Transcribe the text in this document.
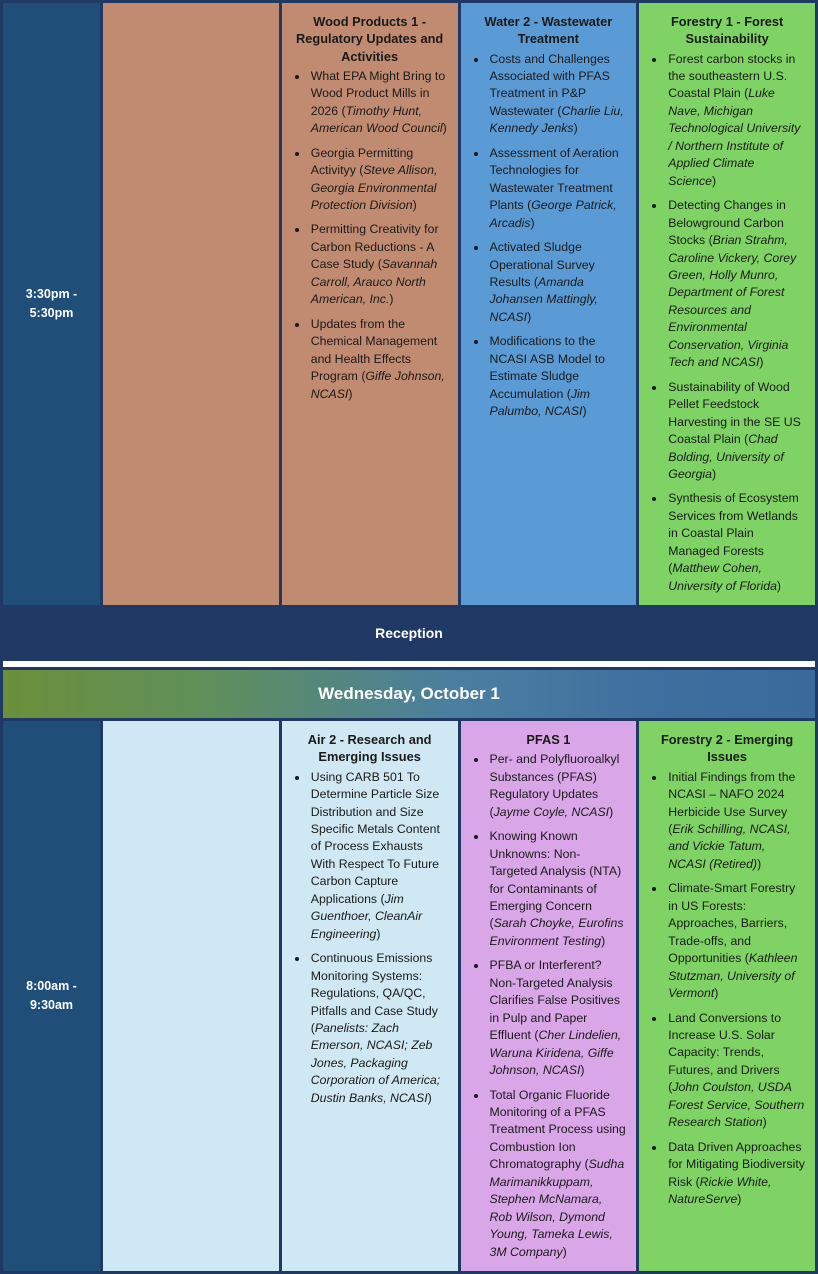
3:30pm - 5:30pm
Wood Products 1 - Regulatory Updates and Activities
• What EPA Might Bring to Wood Product Mills in 2026 (Timothy Hunt, American Wood Council)
• Georgia Permitting Activityy (Steve Allison, Georgia Environmental Protection Division)
• Permitting Creativity for Carbon Reductions - A Case Study (Savannah Carroll, Arauco North American, Inc.)
• Updates from the Chemical Management and Health Effects Program (Giffe Johnson, NCASI)
Water 2 - Wastewater Treatment
• Costs and Challenges Associated with PFAS Treatment in P&P Wastewater (Charlie Liu, Kennedy Jenks)
• Assessment of Aeration Technologies for Wastewater Treatment Plants (George Patrick, Arcadis)
• Activated Sludge Operational Survey Results (Amanda Johansen Mattingly, NCASI)
• Modifications to the NCASI ASB Model to Estimate Sludge Accumulation (Jim Palumbo, NCASI)
Forestry 1 - Forest Sustainability
• Forest carbon stocks in the southeastern U.S. Coastal Plain (Luke Nave, Michigan Technological University / Northern Institute of Applied Climate Science)
• Detecting Changes in Belowground Carbon Stocks (Brian Strahm, Caroline Vickery, Corey Green, Holly Munro, Department of Forest Resources and Environmental Conservation, Virginia Tech and NCASI)
• Sustainability of Wood Pellet Feedstock Harvesting in the SE US Coastal Plain (Chad Bolding, University of Georgia)
• Synthesis of Ecosystem Services from Wetlands in Coastal Plain Managed Forests (Matthew Cohen, University of Florida)
Reception
Wednesday, October 1
8:00am - 9:30am
Air 2 - Research and Emerging Issues
• Using CARB 501 To Determine Particle Size Distribution and Size Specific Metals Content of Process Exhausts With Respect To Future Carbon Capture Applications (Jim Guenthoer, CleanAir Engineering)
• Continuous Emissions Monitoring Systems: Regulations, QA/QC, Pitfalls and Case Study (Panelists: Zach Emerson, NCASI; Zeb Jones, Packaging Corporation of America; Dustin Banks, NCASI)
PFAS 1
• Per- and Polyfluoroalkyl Substances (PFAS) Regulatory Updates (Jayme Coyle, NCASI)
• Knowing Known Unknowns: Non-Targeted Analysis (NTA) for Contaminants of Emerging Concern (Sarah Choyke, Eurofins Environment Testing)
• PFBA or Interferent? Non-Targeted Analysis Clarifies False Positives in Pulp and Paper Effluent (Cher Lindelien, Waruna Kiridena, Giffe Johnson, NCASI)
• Total Organic Fluoride Monitoring of a PFAS Treatment Process using Combustion Ion Chromatography (Sudha Marimanikkuppam, Stephen McNamara, Rob Wilson, Dymond Young, Tameka Lewis, 3M Company)
Forestry 2 - Emerging Issues
• Initial Findings from the NCASI – NAFO 2024 Herbicide Use Survey (Erik Schilling, NCASI, and Vickie Tatum, NCASI (Retired))
• Climate-Smart Forestry in US Forests: Approaches, Barriers, Trade-offs, and Opportunities (Kathleen Stutzman, University of Vermont)
• Land Conversions to Increase U.S. Solar Capacity: Trends, Futures, and Drivers (John Coulston, USDA Forest Service, Southern Research Station)
• Data Driven Approaches for Mitigating Biodiversity Risk (Rickie White, NatureServe)
